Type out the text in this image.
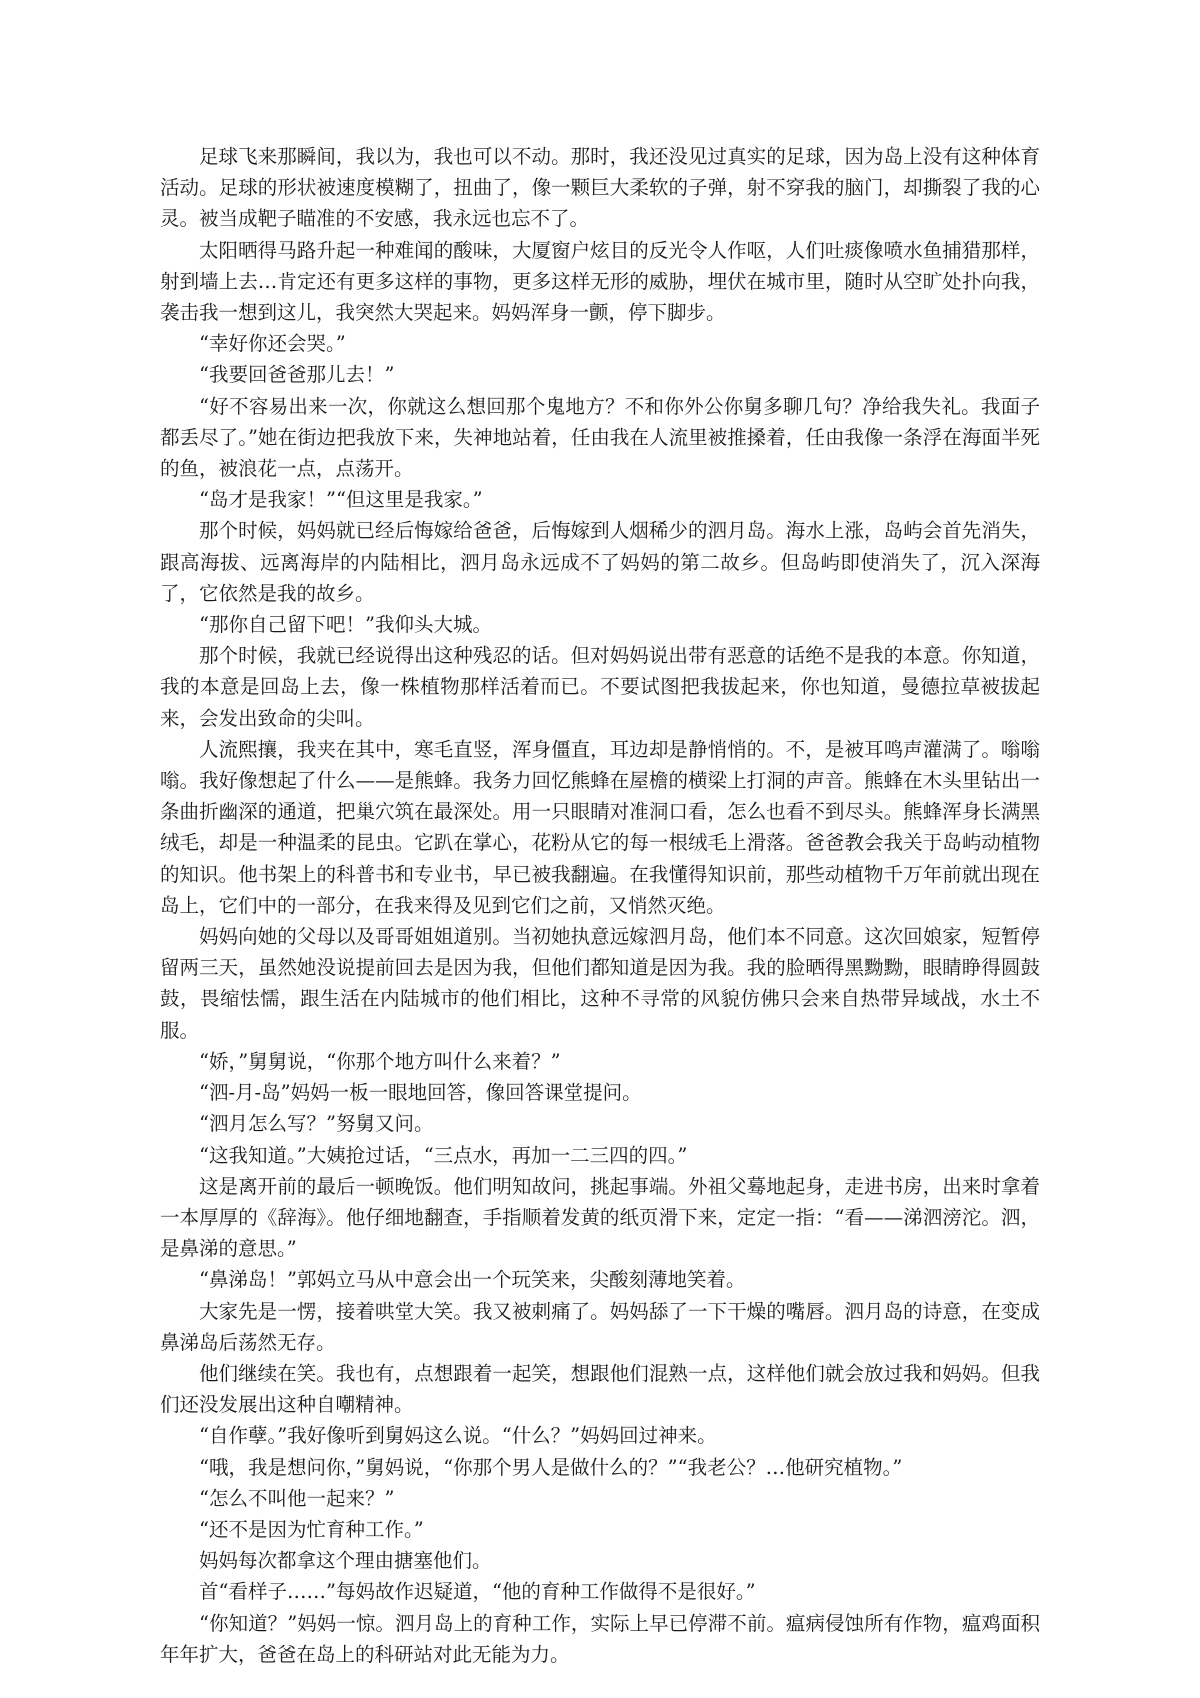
足球飞来那瞬间，我以为，我也可以不动。那时，我还没见过真实的足球，因为岛上没有这种体育活动。足球的形状被速度模糊了，扭曲了，像一颗巨大柔软的子弹，射不穿我的脑门，却撕裂了我的心灵。被当成靶子瞄准的不安感，我永远也忘不了。

太阳晒得马路升起一种难闻的酸味，大厦窗户炫目的反光令人作呕，人们吐痰像喷水鱼捕猎那样，射到墙上去…肯定还有更多这样的事物，更多这样无形的威胁，埋伏在城市里，随时从空旷处扑向我，袭击我一想到这儿，我突然大哭起来。妈妈浑身一颤，停下脚步。

“幸好你还会哭。”

“我要回爸爸那儿去！”

“好不容易出来一次，你就这么想回那个鬼地方？不和你外公你舅多聊几句？净给我失礼。我面子都丢尽了。”她在街边把我放下来，失神地站着，任由我在人流里被推搡着，任由我像一条浮在海面半死的鱼，被浪花一点，点荡开。

“岛才是我家！”“但这里是我家。”

那个时候，妈妈就已经后悔嫁给爸爸，后悔嫁到人烟稀少的泗月岛。海水上涨，岛屿会首先消失，跟高海拔、远离海岸的内陆相比，泗月岛永远成不了妈妈的第二故乡。但岛屿即使消失了，沉入深海了，它依然是我的故乡。

“那你自己留下吧！”我仰头大城。

那个时候，我就已经说得出这种残忍的话。但对妈妈说出带有恶意的话绝不是我的本意。你知道，我的本意是回岛上去，像一株植物那样活着而已。不要试图把我拔起来，你也知道，曼德拉草被拔起来，会发出致命的尖叫。

人流熙攘，我夹在其中，寒毛直竖，浑身僵直，耳边却是静悄悄的。不，是被耳鸣声灌满了。嗡嗡嗡。我好像想起了什么——是熊蜂。我务力回忆熊蜂在屋檐的横梁上打洞的声音。熊蜂在木头里钻出一条曲折幽深的通道，把巢穴筑在最深处。用一只眼睛对准洞口看，怎么也看不到尽头。熊蜂浑身长满黑绒毛，却是一种温柔的昆虫。它趴在掌心，花粉从它的每一根绒毛上滑落。爸爸教会我关于岛屿动植物的知识。他书架上的科普书和专业书，早已被我翻遍。在我懂得知识前，那些动植物千万年前就出现在岛上，它们中的一部分，在我来得及见到它们之前，又悄然灭绝。

妈妈向她的父母以及哥哥姐姐道别。当初她执意远嫁泗月岛，他们本不同意。这次回娘家，短暂停留两三天，虽然她没说提前回去是因为我，但他们都知道是因为我。我的脸晒得黑黝黝，眼睛睁得圆鼓鼓，畏缩怯懦，跟生活在内陆城市的他们相比，这种不寻常的风貌仿佛只会来自热带异域战，水土不服。

“娇，”舅舅说，“你那个地方叫什么来着？”

“泗-月-岛”妈妈一板一眼地回答，像回答课堂提问。

“泗月怎么写？”努舅又问。

“这我知道。”大姨抢过话，“三点水，再加一二三四的四。”

这是离开前的最后一顿晚饭。他们明知故问，挑起事端。外祖父蓦地起身，走进书房，出来时拿着一本厚厚的《辞海》。他仔细地翻查，手指顺着发黄的纸页滑下来，定定一指：“看——涕泗滂沱。泗，是鼻涕的意思。”

“鼻涕岛！”郭妈立马从中意会出一个玩笑来，尖酸刻薄地笑着。

大家先是一愣，接着哄堂大笑。我又被刺痛了。妈妈舔了一下干燥的嘴唇。泗月岛的诗意，在变成鼻涕岛后荡然无存。

他们继续在笑。我也有，点想跟着一起笑，想跟他们混熟一点，这样他们就会放过我和妈妈。但我们还没发展出这种自嘲精神。

“自作孽。”我好像听到舅妈这么说。“什么？”妈妈回过神来。

“哦，我是想问你，”舅妈说，“你那个男人是做什么的？”“我老公？…他研究植物。”

“怎么不叫他一起来？”

“还不是因为忙育种工作。”

妈妈每次都拿这个理由搪塞他们。

首“看样子……”每妈故作迟疑道，“他的育种工作做得不是很好。”

“你知道？”妈妈一惊。泗月岛上的育种工作，实际上早已停滞不前。瘟病侵蚀所有作物，瘟鸡面积年年扩大，爸爸在岛上的科研站对此无能为力。
